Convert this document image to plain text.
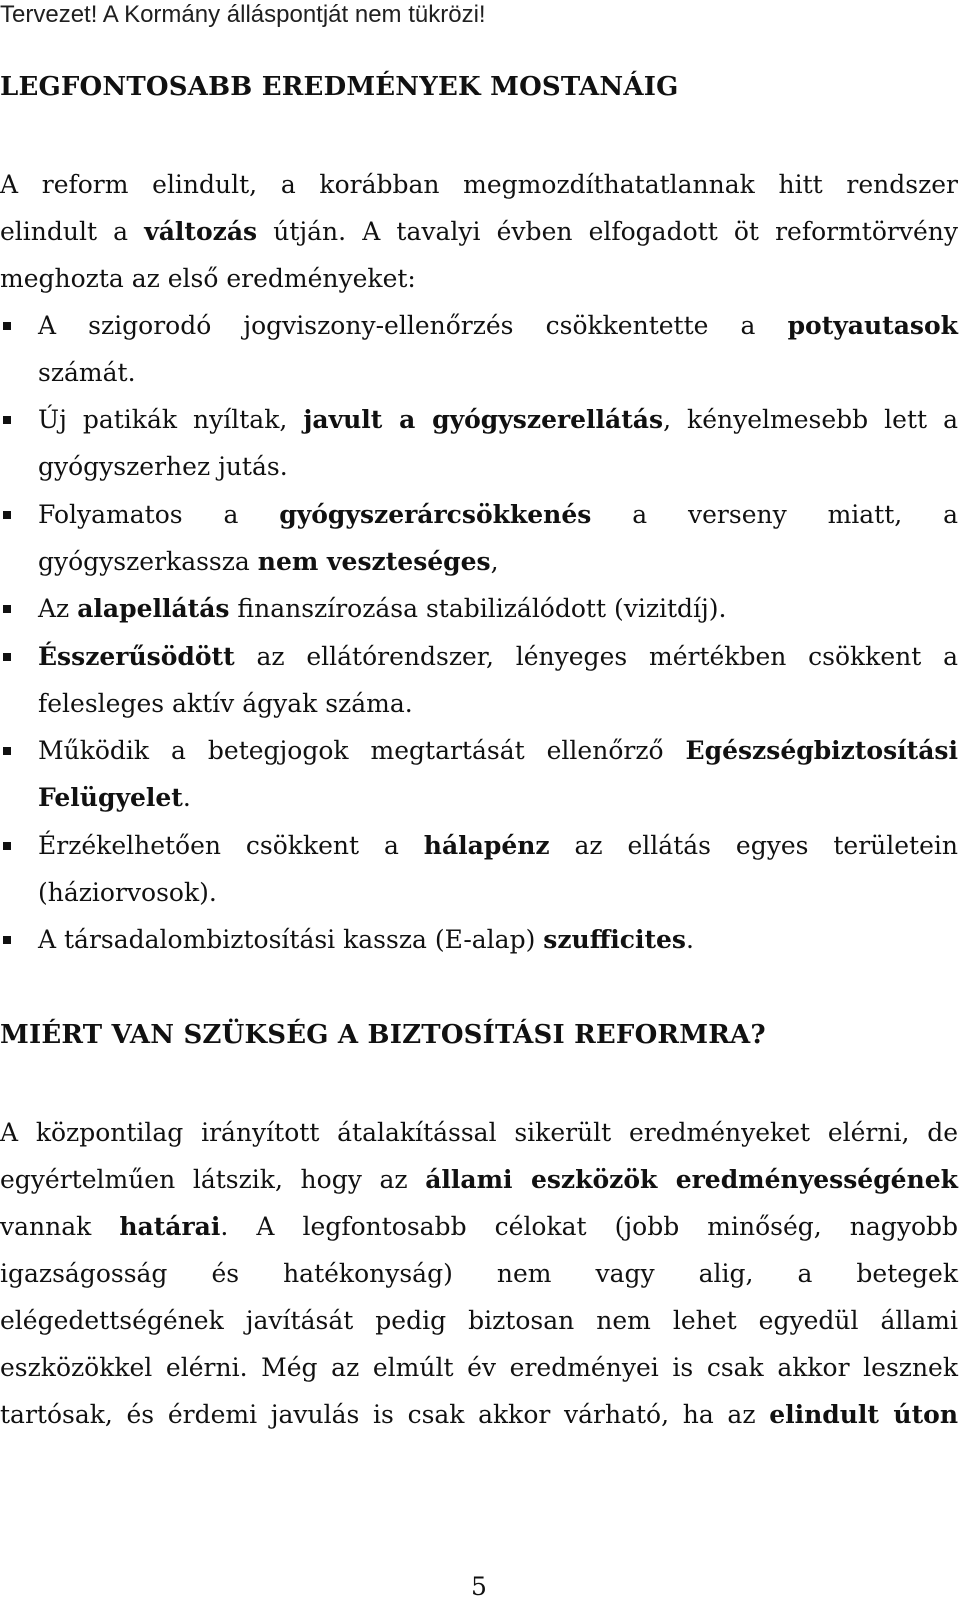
Tervezet! A Kormány álláspontját nem tükrözi!
LEGFONTOSABB EREDMÉNYEK MOSTANÁIG
A reform elindult, a korábban megmozdíthatatlannak hitt rendszer
elindult a változás útján. A tavalyi évben elfogadott öt reformtörvény
meghozta az első eredményeket:
A szigorodó jogviszony-ellenőrzés csökkentette a potyautasok
számát.
Új patikák nyíltak, javult a gyógyszerellátás, kényelmesebb lett a
gyógyszerhez jutás.
Folyamatos a gyógyszerárcsökkenés a verseny miatt, a
gyógyszerkassza nem veszteséges,
Az alapellátás finanszírozása stabilizálódott (vizitdíj).
Ésszerűsödött az ellátórendszer, lényeges mértékben csökkent a
felesleges aktív ágyak száma.
Működik a betegjogok megtartását ellenőrző Egészségbiztosítási
Felügyelet.
Érzékelhetően csökkent a hálapénz az ellátás egyes területein
(háziorvosok).
A társadalombiztosítási kassza (E-alap) szufficites.
MIÉRT VAN SZÜKSÉG A BIZTOSÍTÁSI REFORMRA?
A központilag irányított átalakítással sikerült eredményeket elérni, de
egyértelműen látszik, hogy az állami eszközök eredményességének
vannak határai. A legfontosabb célokat (jobb minőség, nagyobb
igazságosság és hatékonyság) nem vagy alig, a betegek
elégedettségének javítását pedig biztosan nem lehet egyedül állami
eszközökkel elérni. Még az elmúlt év eredményei is csak akkor lesznek
tartósak, és érdemi javulás is csak akkor várható, ha az elindult úton
5
